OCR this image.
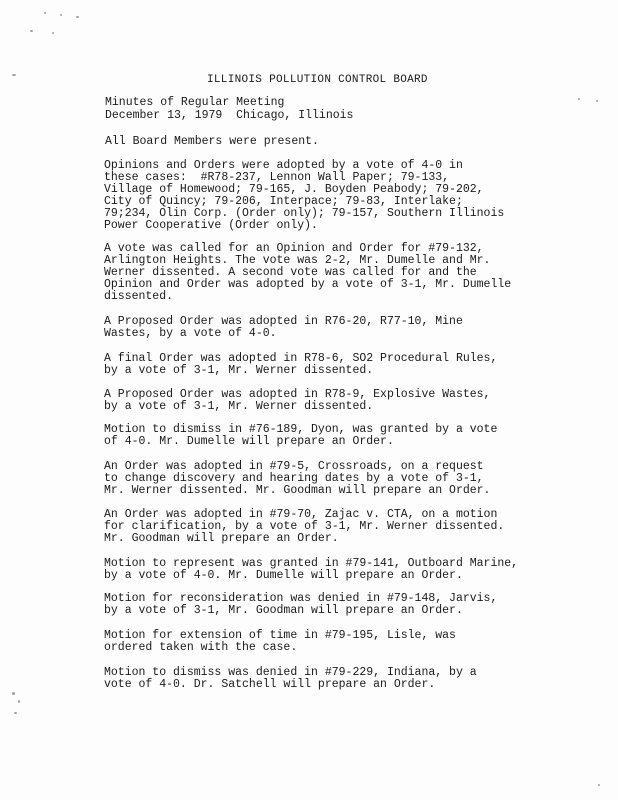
ILLINOIS POLLUTION CONTROL BOARD
Minutes of Regular Meeting
December 13, 1979  Chicago, Illinois
All Board Members were present.
Opinions and Orders were adopted by a vote of 4-0 in
these cases:  #R78-237, Lennon Wall Paper; 79-133,
Village of Homewood; 79-165, J. Boyden Peabody; 79-202,
City of Quincy; 79-206, Interpace; 79-83, Interlake;
79;234, Olin Corp. (Order only); 79-157, Southern Illinois
Power Cooperative (Order only).
A vote was called for an Opinion and Order for #79-132,
Arlington Heights. The vote was 2-2, Mr. Dumelle and Mr.
Werner dissented. A second vote was called for and the
Opinion and Order was adopted by a vote of 3-1, Mr. Dumelle
dissented.
A Proposed Order was adopted in R76-20, R77-10, Mine
Wastes, by a vote of 4-0.
A final Order was adopted in R78-6, SO2 Procedural Rules,
by a vote of 3-1, Mr. Werner dissented.
A Proposed Order was adopted in R78-9, Explosive Wastes,
by a vote of 3-1, Mr. Werner dissented.
Motion to dismiss in #76-189, Dyon, was granted by a vote
of 4-0. Mr. Dumelle will prepare an Order.
An Order was adopted in #79-5, Crossroads, on a request
to change discovery and hearing dates by a vote of 3-1,
Mr. Werner dissented. Mr. Goodman will prepare an Order.
An Order was adopted in #79-70, Zajac v. CTA, on a motion
for clarification, by a vote of 3-1, Mr. Werner dissented.
Mr. Goodman will prepare an Order.
Motion to represent was granted in #79-141, Outboard Marine,
by a vote of 4-0. Mr. Dumelle will prepare an Order.
Motion for reconsideration was denied in #79-148, Jarvis,
by a vote of 3-1, Mr. Goodman will prepare an Order.
Motion for extension of time in #79-195, Lisle, was
ordered taken with the case.
Motion to dismiss was denied in #79-229, Indiana, by a
vote of 4-0. Dr. Satchell will prepare an Order.
